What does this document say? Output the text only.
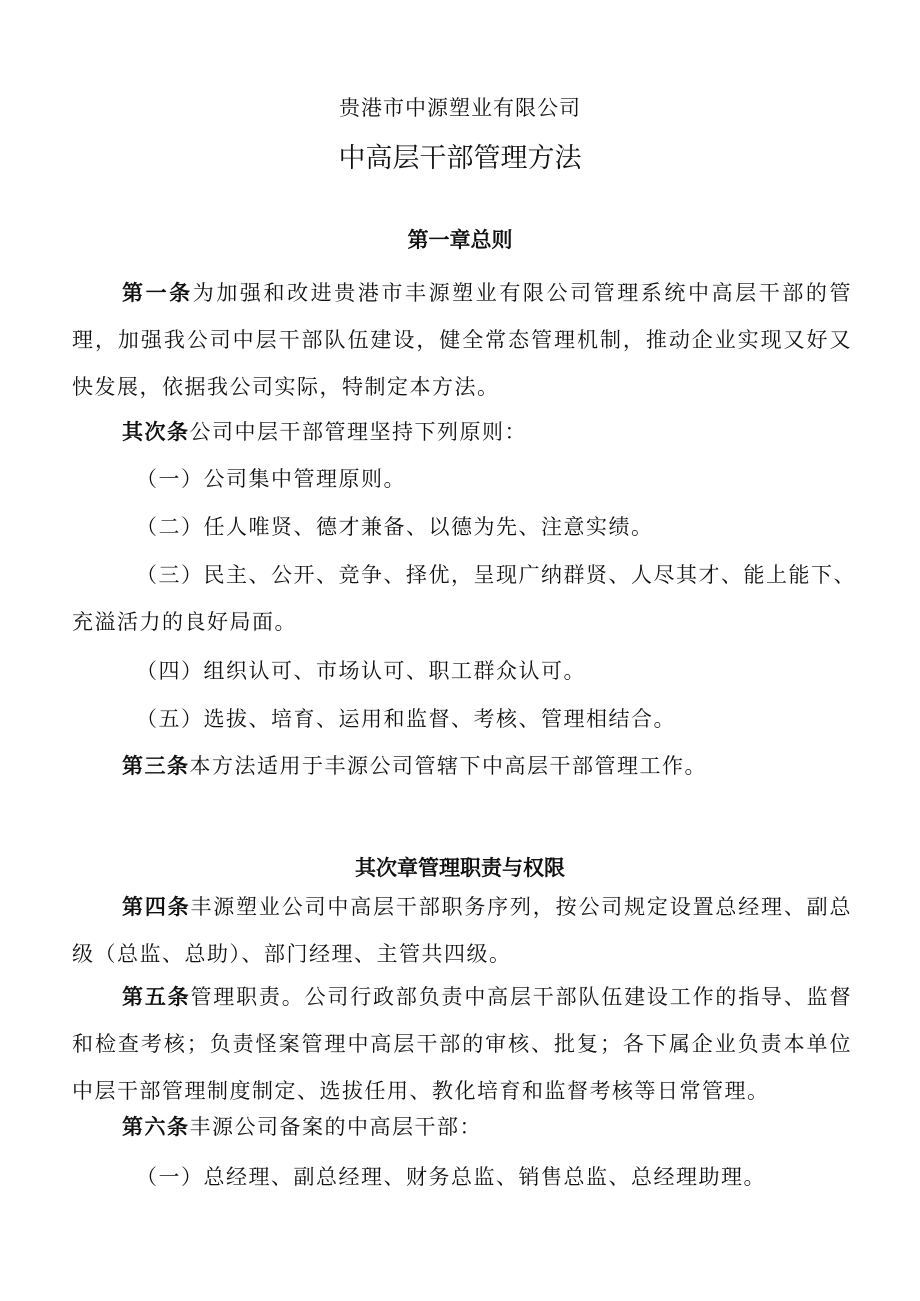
贵港市中源塑业有限公司
中高层干部管理方法
第一章总则
第一条为加强和改进贵港市丰源塑业有限公司管理系统中高层干部的管理，加强我公司中层干部队伍建设，健全常态管理机制，推动企业实现又好又快发展，依据我公司实际，特制定本方法。
其次条公司中层干部管理坚持下列原则：
（一）公司集中管理原则。
（二）任人唯贤、德才兼备、以德为先、注意实绩。
（三）民主、公开、竞争、择优，呈现广纳群贤、人尽其才、能上能下、充溢活力的良好局面。
（四）组织认可、市场认可、职工群众认可。
（五）选拔、培育、运用和监督、考核、管理相结合。
第三条本方法适用于丰源公司管辖下中高层干部管理工作。
其次章管理职责与权限
第四条丰源塑业公司中高层干部职务序列，按公司规定设置总经理、副总级（总监、总助）、部门经理、主管共四级。
第五条管理职责。公司行政部负责中高层干部队伍建设工作的指导、监督和检查考核；负责怪案管理中高层干部的审核、批复；各下属企业负责本单位中层干部管理制度制定、选拔任用、教化培育和监督考核等日常管理。
第六条丰源公司备案的中高层干部：
（一）总经理、副总经理、财务总监、销售总监、总经理助理。
